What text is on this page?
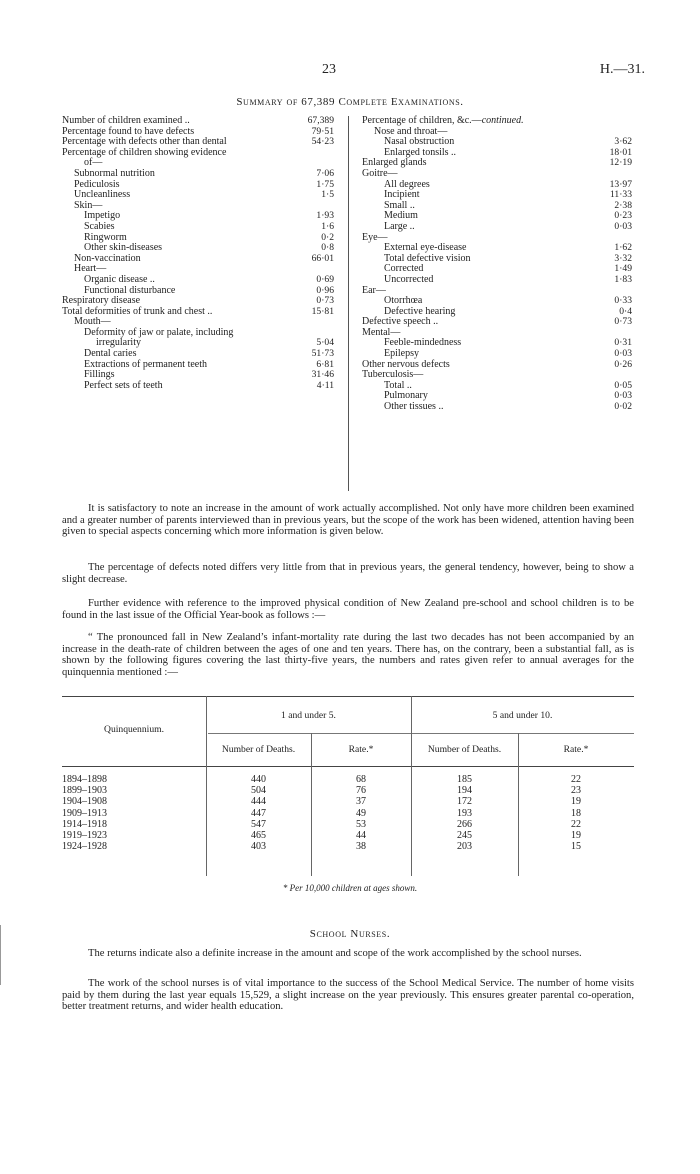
23	H.—31.
Summary of 67,389 Complete Examinations.
Number of children examined ..	67,389
Percentage found to have defects	79·51
Percentage with defects other than dental	54·23
Percentage of children showing evidence
of—
Subnormal nutrition	7·06
Pediculosis	1·75
Uncleanliness	1·5
Skin—
Impetigo	1·93
Scabies	1·6
Ringworm	0·2
Other skin-diseases	0·8
Non-vaccination	66·01
Heart—
Organic disease ..	0·69
Functional disturbance	0·96
Respiratory disease	0·73
Total deformities of trunk and chest ..	15·81
Mouth—
Deformity of jaw or palate, including
irregularity	5·04
Dental caries	51·73
Extractions of permanent teeth	6·81
Fillings	31·46
Perfect sets of teeth	4·11
Percentage of children, &c.—continued.
Nose and throat—
Nasal obstruction	3·62
Enlarged tonsils ..	18·01
Enlarged glands	12·19
Goitre—
All degrees	13·97
Incipient	11·33
Small ..	2·38
Medium	0·23
Large ..	0·03
Eye—
External eye-disease	1·62
Total defective vision	3·32
Corrected	1·49
Uncorrected	1·83
Ear—
Otorrhœa	0·33
Defective hearing	0·4
Defective speech ..	0·73
Mental—
Feeble-mindedness	0·31
Epilepsy	0·03
Other nervous defects	0·26
Tuberculosis—
Total ..	0·05
Pulmonary	0·03
Other tissues ..	0·02
It is satisfactory to note an increase in the amount of work actually accomplished. Not only have more children been examined and a greater number of parents interviewed than in previous years, but the scope of the work has been widened, attention having been given to special aspects concerning which more information is given below.
The percentage of defects noted differs very little from that in previous years, the general tendency, however, being to show a slight decrease.
Further evidence with reference to the improved physical condition of New Zealand pre-school and school children is to be found in the last issue of the Official Year-book as follows :—
“ The pronounced fall in New Zealand’s infant-mortality rate during the last two decades has not been accompanied by an increase in the death-rate of children between the ages of one and ten years. There has, on the contrary, been a substantial fall, as is shown by the following figures covering the last thirty-five years, the numbers and rates given refer to annual averages for the quinquennia mentioned :—
Quinquennium.
1 and under 5.	5 and under 10.
Number of Deaths.	Rate.*	Number of Deaths.	Rate.*
1894–1898	440	68	185	22
1899–1903	504	76	194	23
1904–1908	444	37	172	19
1909–1913	447	49	193	18
1914–1918	547	53	266	22
1919–1923	465	44	245	19
1924–1928	403	38	203	15
* Per 10,000 children at ages shown.
School Nurses.
The returns indicate also a definite increase in the amount and scope of the work accomplished by the school nurses.
The work of the school nurses is of vital importance to the success of the School Medical Service. The number of home visits paid by them during the last year equals 15,529, a slight increase on the year previously. This ensures greater parental co-operation, better treatment returns, and wider health education.
